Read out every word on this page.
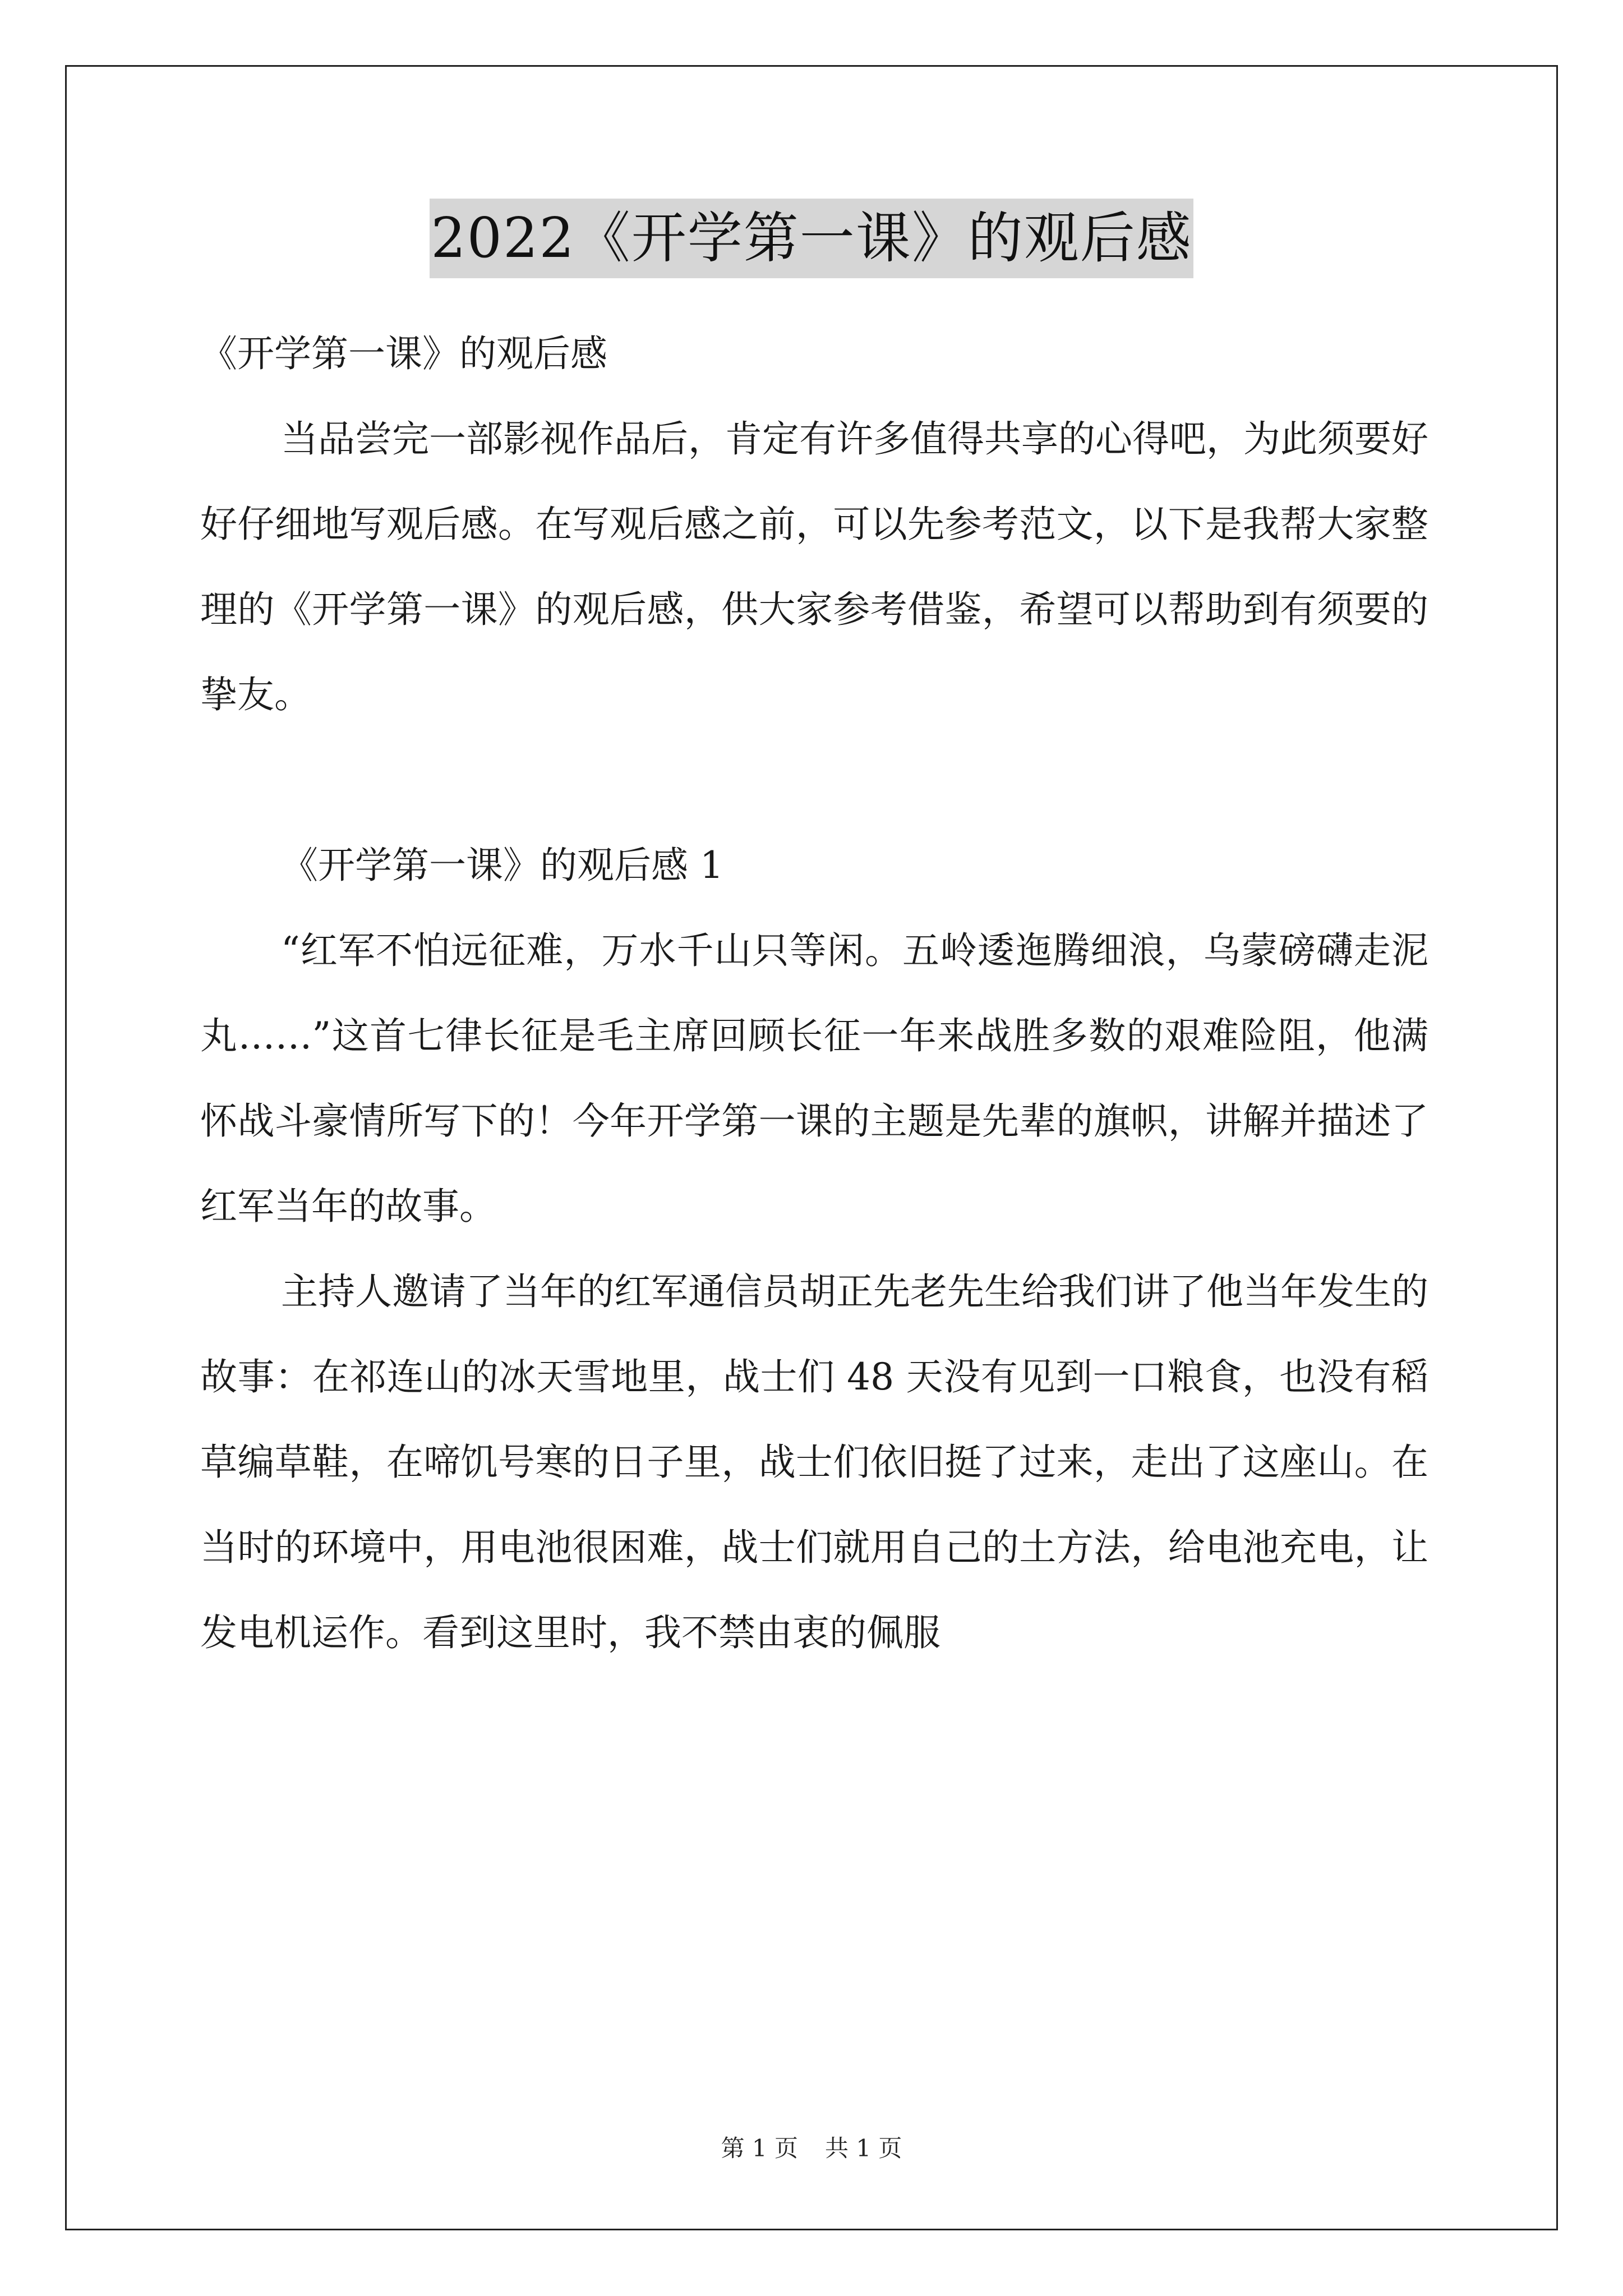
2022《开学第一课》的观后感

《开学第一课》的观后感

当品尝完一部影视作品后，肯定有许多值得共享的心得吧，为此须要好好仔细地写观后感。在写观后感之前，可以先参考范文，以下是我帮大家整理的《开学第一课》的观后感，供大家参考借鉴，希望可以帮助到有须要的挚友。

《开学第一课》的观后感 1

“红军不怕远征难，万水千山只等闲。五岭逶迤腾细浪，乌蒙磅礴走泥丸……”这首七律长征是毛主席回顾长征一年来战胜多数的艰难险阻，他满怀战斗豪情所写下的！今年开学第一课的主题是先辈的旗帜，讲解并描述了红军当年的故事。

主持人邀请了当年的红军通信员胡正先老先生给我们讲了他当年发生的故事：在祁连山的冰天雪地里，战士们 48 天没有见到一口粮食，也没有稻草编草鞋，在啼饥号寒的日子里，战士们依旧挺了过来，走出了这座山。在当时的环境中，用电池很困难，战士们就用自己的土方法，给电池充电，让发电机运作。看到这里时，我不禁由衷的佩服

第 1 页 共 1 页
